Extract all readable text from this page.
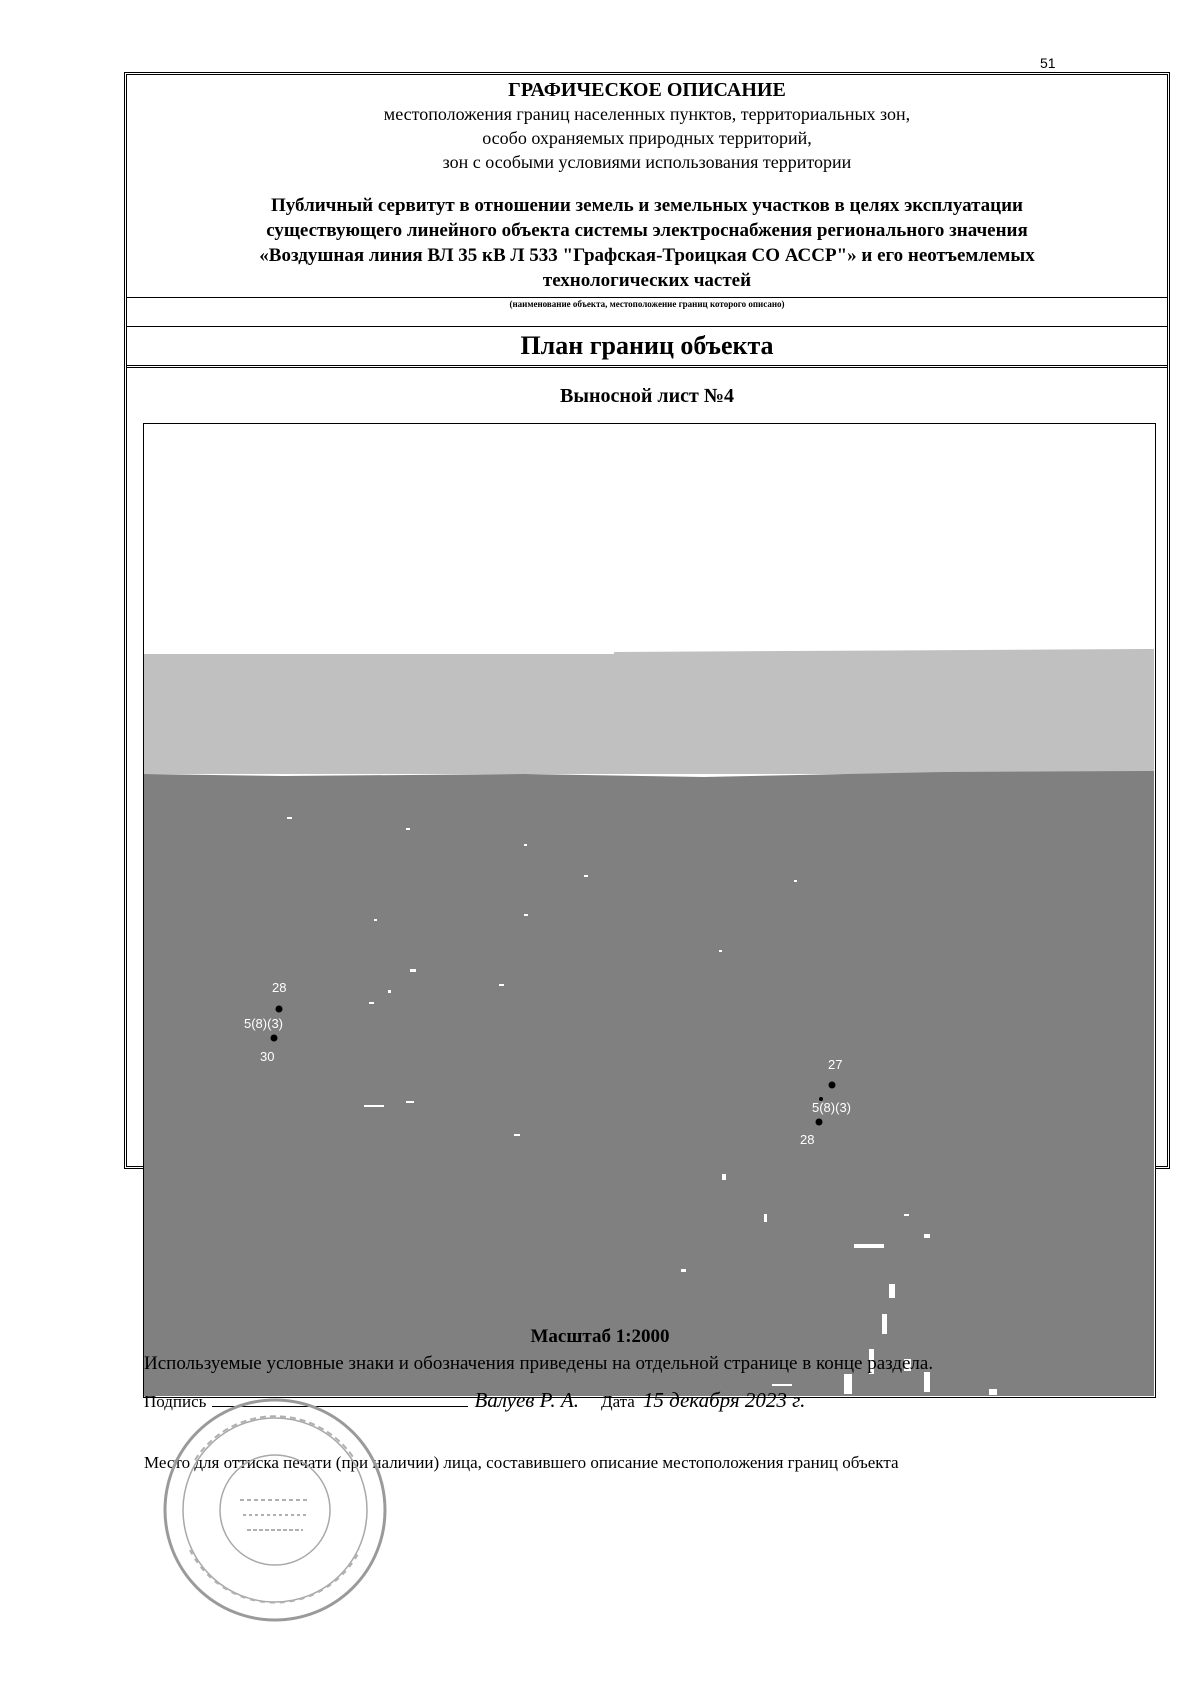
51
ГРАФИЧЕСКОЕ ОПИСАНИЕ
местоположения границ населенных пунктов, территориальных зон,
особо охраняемых природных территорий,
зон с особыми условиями использования территории
Публичный сервитут в отношении земель и земельных участков в целях эксплуатации
существующего линейного объекта системы электроснабжения регионального значения
«Воздушная линия ВЛ 35 кВ Л 533 "Графская-Троицкая СО АССР"» и его неотъемлемых
технологических частей
(наименование объекта, местоположение границ которого описано)
План границ объекта
Выносной лист №4
28
5(8)(3)
30
27
5(8)(3)
28
Масштаб 1:2000
Используемые условные знаки и обозначения приведены на отдельной странице в конце раздела.
Подпись	Валуев Р. А. Дата 15 декабря 2023 г.
Место для оттиска печати (при наличии) лица, составившего описание местоположения границ объекта
